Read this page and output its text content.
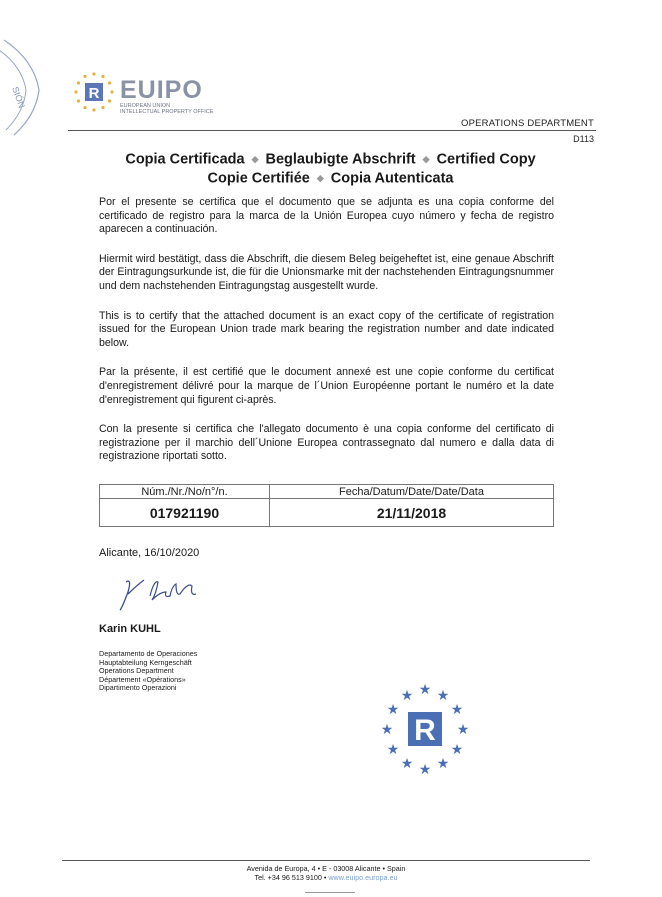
SIÓN	R EUIPO
EUROPEAN UNION
INTELLECTUAL PROPERTY OFFICE
OPERATIONS DEPARTMENT
D113
Copia Certificada ◆ Beglaubigte Abschrift ◆ Certified Copy
Copie Certifiée ◆ Copia Autenticata

Por el presente se certifica que el documento que se adjunta es una copia conforme del certificado de registro para la marca de la Unión Europea cuyo número y fecha de registro aparecen a continuación.

Hiermit wird bestätigt, dass die Abschrift, die diesem Beleg beigeheftet ist, eine genaue Abschrift der Eintragungsurkunde ist, die für die Unionsmarke mit der nachstehenden Eintragungsnummer und dem nachstehenden Eintragungstag ausgestellt wurde.

This is to certify that the attached document is an exact copy of the certificate of registration issued for the European Union trade mark bearing the registration number and date indicated below.

Par la présente, il est certifié que le document annexé est une copie conforme du certificat d'enregistrement délivré pour la marque de l´Union Européenne portant le numéro et la date d'enregistrement qui figurent ci-après.

Con la presente si certifica che l'allegato documento è una copia conforme del certificato di registrazione per il marchio dell´Unione Europea contrassegnato dal numero e dalla data di registrazione riportati sotto.

Núm./Nr./No/n°/n.	Fecha/Datum/Date/Date/Data
017921190	21/11/2018
Alicante, 16/10/2020
Karin KUHL
Departamento de Operaciones
Hauptabteilung Kerngeschäft
Operations Department
Département «Opérations»
Dipartimento Operazioni	★ ★
★
★
★
★
★
★
★
★
★
★
R
Avenida de Europa, 4 • E - 03008 Alicante • Spain
Tel. +34 96 513 9100 • www.euipo.europa.eu
